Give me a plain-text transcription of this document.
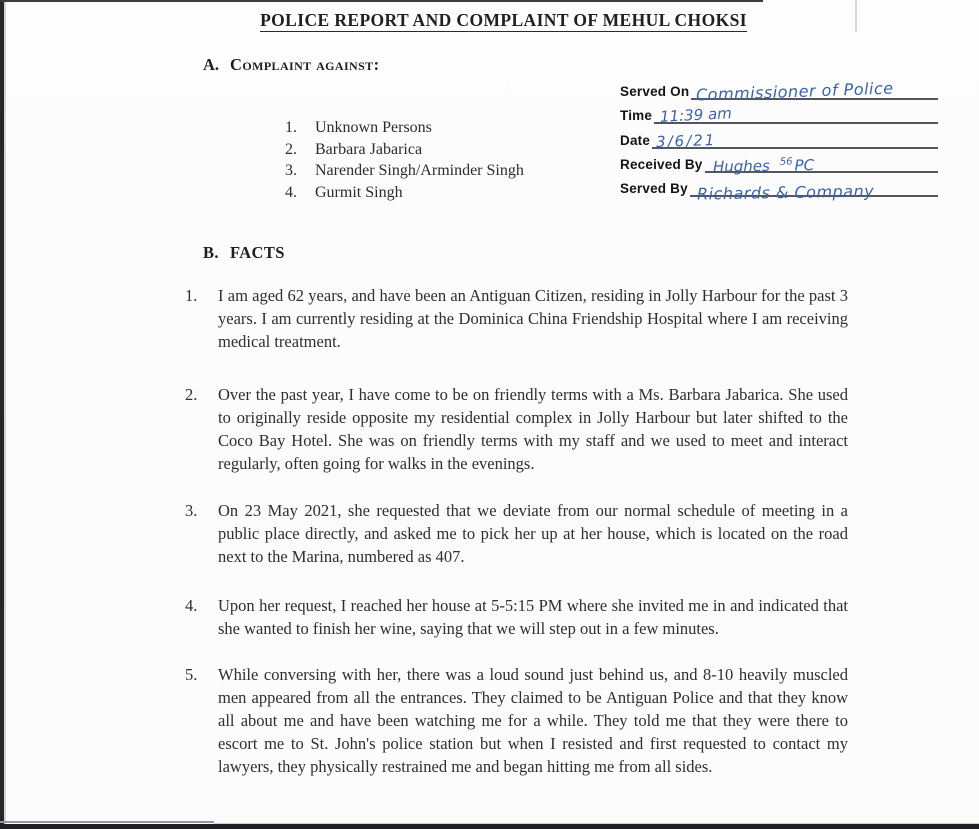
POLICE REPORT AND COMPLAINT OF MEHUL CHOKSI
A. Complaint against:
1.	Unknown Persons
2.	Barbara Jabarica
3.	Narender Singh/Arminder Singh
4.	Gurmit Singh
Served On Commissioner of Police
Time 11:39 am
Date 3/6/21
Received By Hughes $^{56}$ PC
Served By Richards & Company
B. FACTS
1. I am aged 62 years, and have been an Antiguan Citizen, residing in Jolly Harbour for the past 3 years. I am currently residing at the Dominica China Friendship Hospital where I am receiving medical treatment.
2. Over the past year, I have come to be on friendly terms with a Ms. Barbara Jabarica. She used to originally reside opposite my residential complex in Jolly Harbour but later shifted to the Coco Bay Hotel. She was on friendly terms with my staff and we used to meet and interact regularly, often going for walks in the evenings.
3. On 23 May 2021, she requested that we deviate from our normal schedule of meeting in a public place directly, and asked me to pick her up at her house, which is located on the road next to the Marina, numbered as 407.
4. Upon her request, I reached her house at 5-5:15 PM where she invited me in and indicated that she wanted to finish her wine, saying that we will step out in a few minutes.
5. While conversing with her, there was a loud sound just behind us, and 8-10 heavily muscled men appeared from all the entrances. They claimed to be Antiguan Police and that they know all about me and have been watching me for a while. They told me that they were there to escort me to St. John's police station but when I resisted and first requested to contact my lawyers, they physically restrained me and began hitting me from all sides.
